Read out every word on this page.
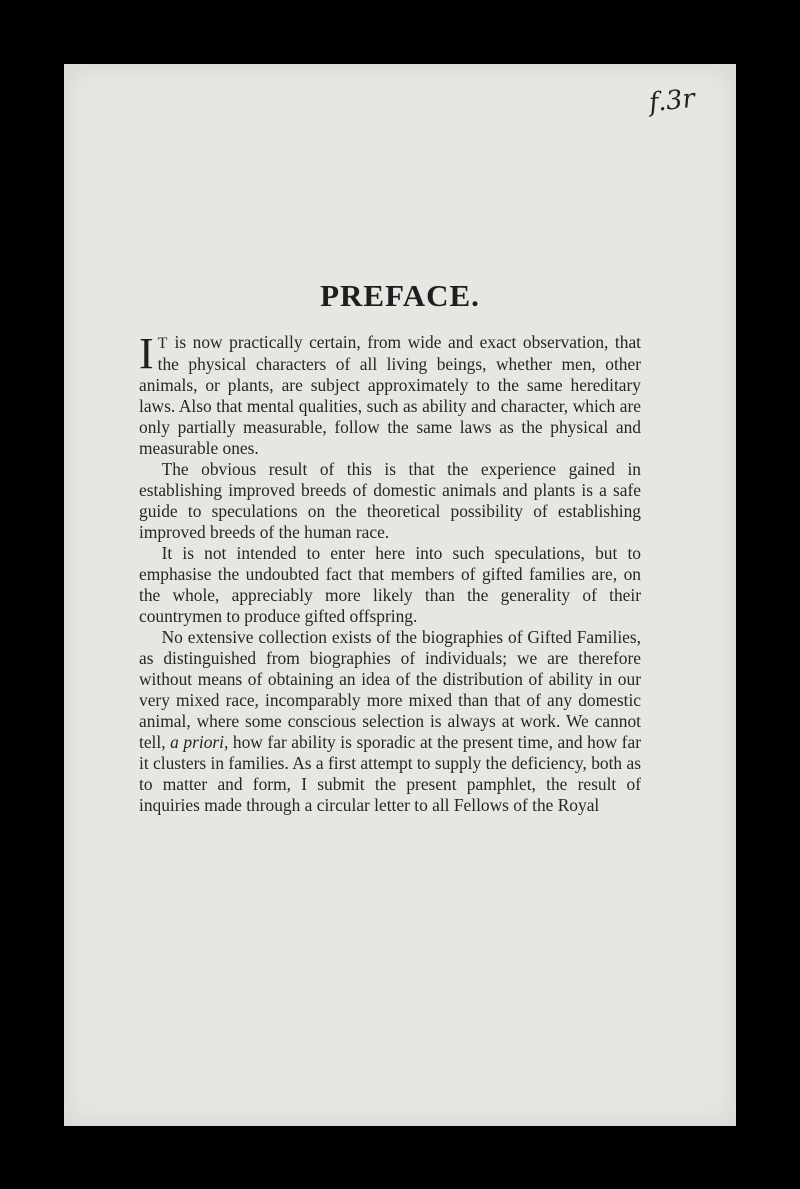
f.3r
PREFACE.

I T is now practically certain, from wide and exact observation, that the physical characters of all living beings, whether men, other animals, or plants, are subject approximately to the same hereditary laws. Also that mental qualities, such as ability and character, which are only partially measurable, follow the same laws as the physical and measurable ones.

The obvious result of this is that the experience gained in establishing improved breeds of domestic animals and plants is a safe guide to speculations on the theoretical possibility of establishing improved breeds of the human race.

It is not intended to enter here into such speculations, but to emphasise the undoubted fact that members of gifted families are, on the whole, appreciably more likely than the generality of their countrymen to produce gifted offspring.

No extensive collection exists of the biographies of Gifted Families, as distinguished from biographies of individuals; we are therefore without means of obtaining an idea of the distribution of ability in our very mixed race, incomparably more mixed than that of any domestic animal, where some conscious selection is always at work. We cannot tell, a priori, how far ability is sporadic at the present time, and how far it clusters in families. As a first attempt to supply the deficiency, both as to matter and form, I submit the present pamphlet, the result of inquiries made through a circular letter to all Fellows of the Royal
